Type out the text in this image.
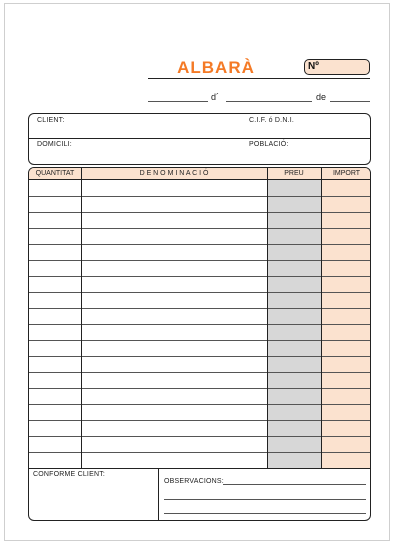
ALBARÀ	Nº
d´	de
CLIENT:	C.I.F. ó D.N.I.
DOMICILI:	POBLACIÓ:
QUANTITAT	D E N O M I N A C I Ó	PREU	IMPORT
CONFORME CLIENT:
OBSERVACIONS:
